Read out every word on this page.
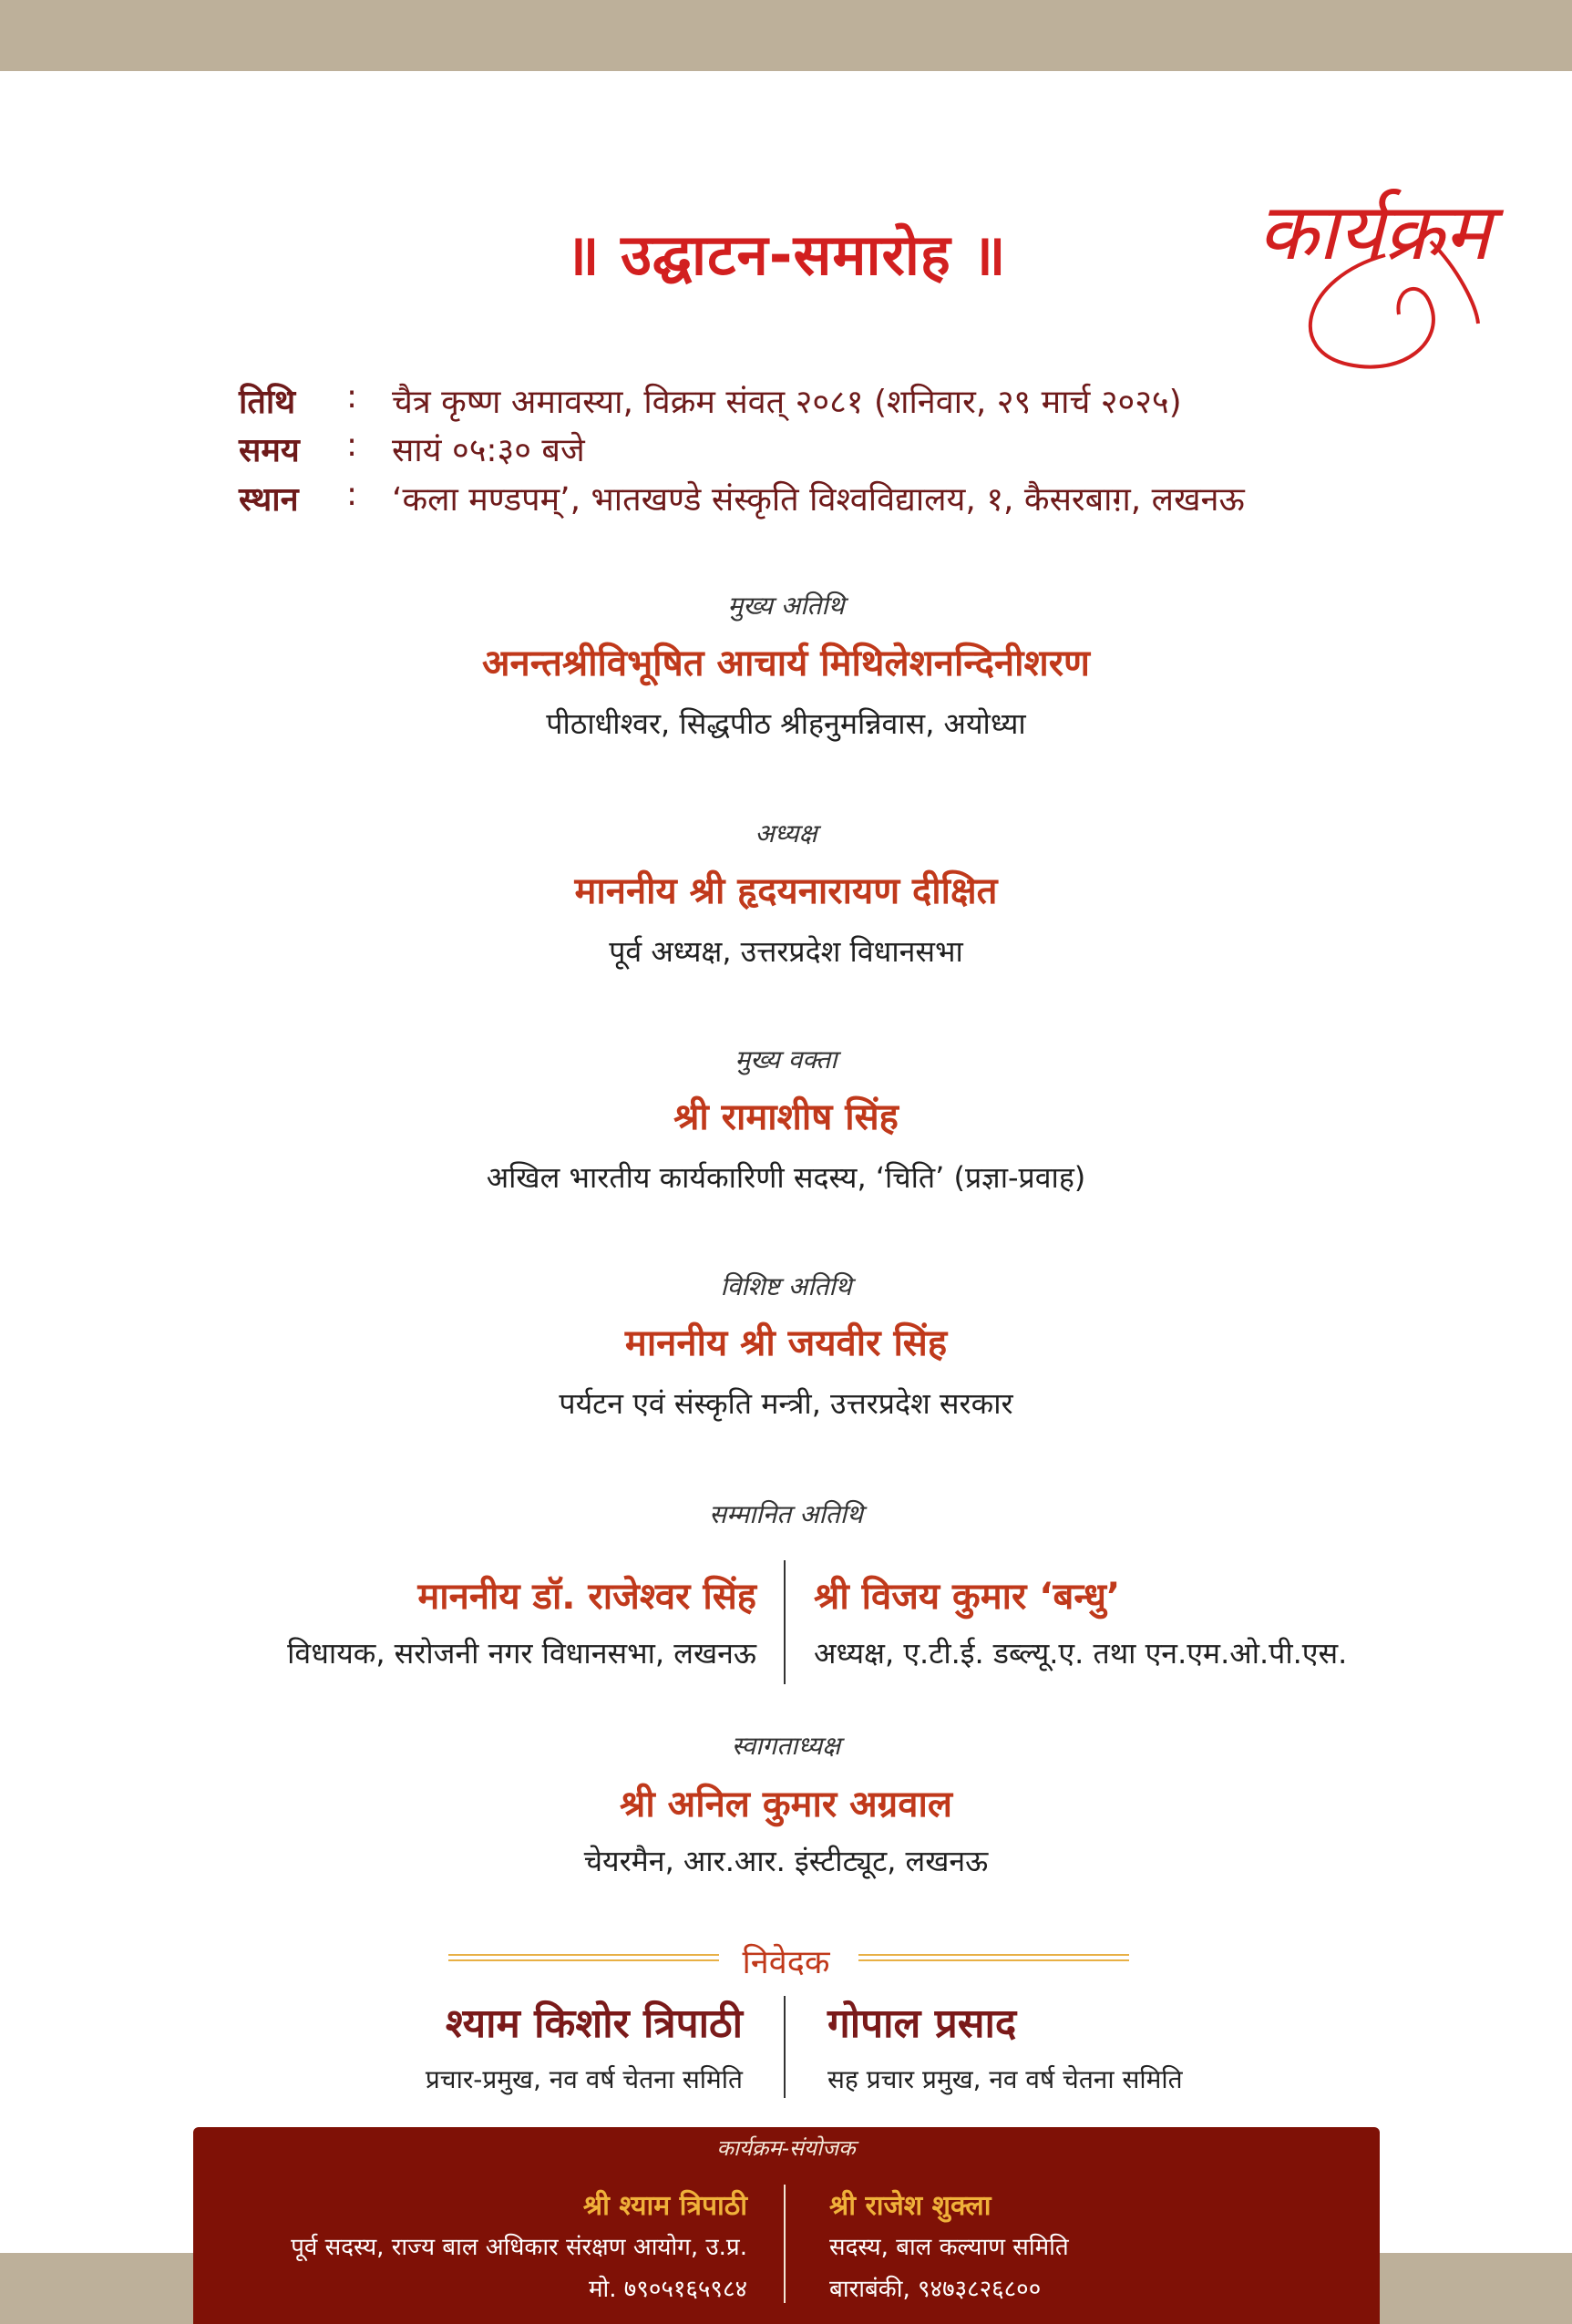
॥ उद्घाटन-समारोह ॥	कार्यक्रम
तिथि	: चैत्र कृष्ण अमावस्या, विक्रम संवत् २०८१ (शनिवार, २९ मार्च २०२५)
समय	: सायं ०५:३० बजे
स्थान	: ‘कला मण्डपम्’, भातखण्डे संस्कृति विश्वविद्यालय, १, कैसरबाग़, लखनऊ
मुख्य अतिथि
अनन्तश्रीविभूषित आचार्य मिथिलेशनन्दिनीशरण
पीठाधीश्वर, सिद्धपीठ श्रीहनुमन्निवास, अयोध्या
अध्यक्ष
माननीय श्री हृदयनारायण दीक्षित
पूर्व अध्यक्ष, उत्तरप्रदेश विधानसभा
मुख्य वक्ता
श्री रामाशीष सिंह
अखिल भारतीय कार्यकारिणी सदस्य, ‘चिति’ (प्रज्ञा-प्रवाह)
विशिष्ट अतिथि
माननीय श्री जयवीर सिंह
पर्यटन एवं संस्कृति मन्त्री, उत्तरप्रदेश सरकार
सम्मानित अतिथि
माननीय डॉ. राजेश्वर सिंह
विधायक, सरोजनी नगर विधानसभा, लखनऊ
श्री विजय कुमार ‘बन्धु’
अध्यक्ष, ए.टी.ई. डब्ल्यू.ए. तथा एन.एम.ओ.पी.एस.
स्वागताध्यक्ष
श्री अनिल कुमार अग्रवाल
चेयरमैन, आर.आर. इंस्टीट्यूट, लखनऊ
निवेदक
श्याम किशोर त्रिपाठी
प्रचार-प्रमुख, नव वर्ष चेतना समिति
गोपाल प्रसाद
सह प्रचार प्रमुख, नव वर्ष चेतना समिति
कार्यक्रम-संयोजक
श्री श्याम त्रिपाठी
पूर्व सदस्य, राज्य बाल अधिकार संरक्षण आयोग, उ.प्र.
मो. ७९०५१६५९८४
श्री राजेश शुक्ला
सदस्य, बाल कल्याण समिति
बाराबंकी, ९४७३८२६८००
